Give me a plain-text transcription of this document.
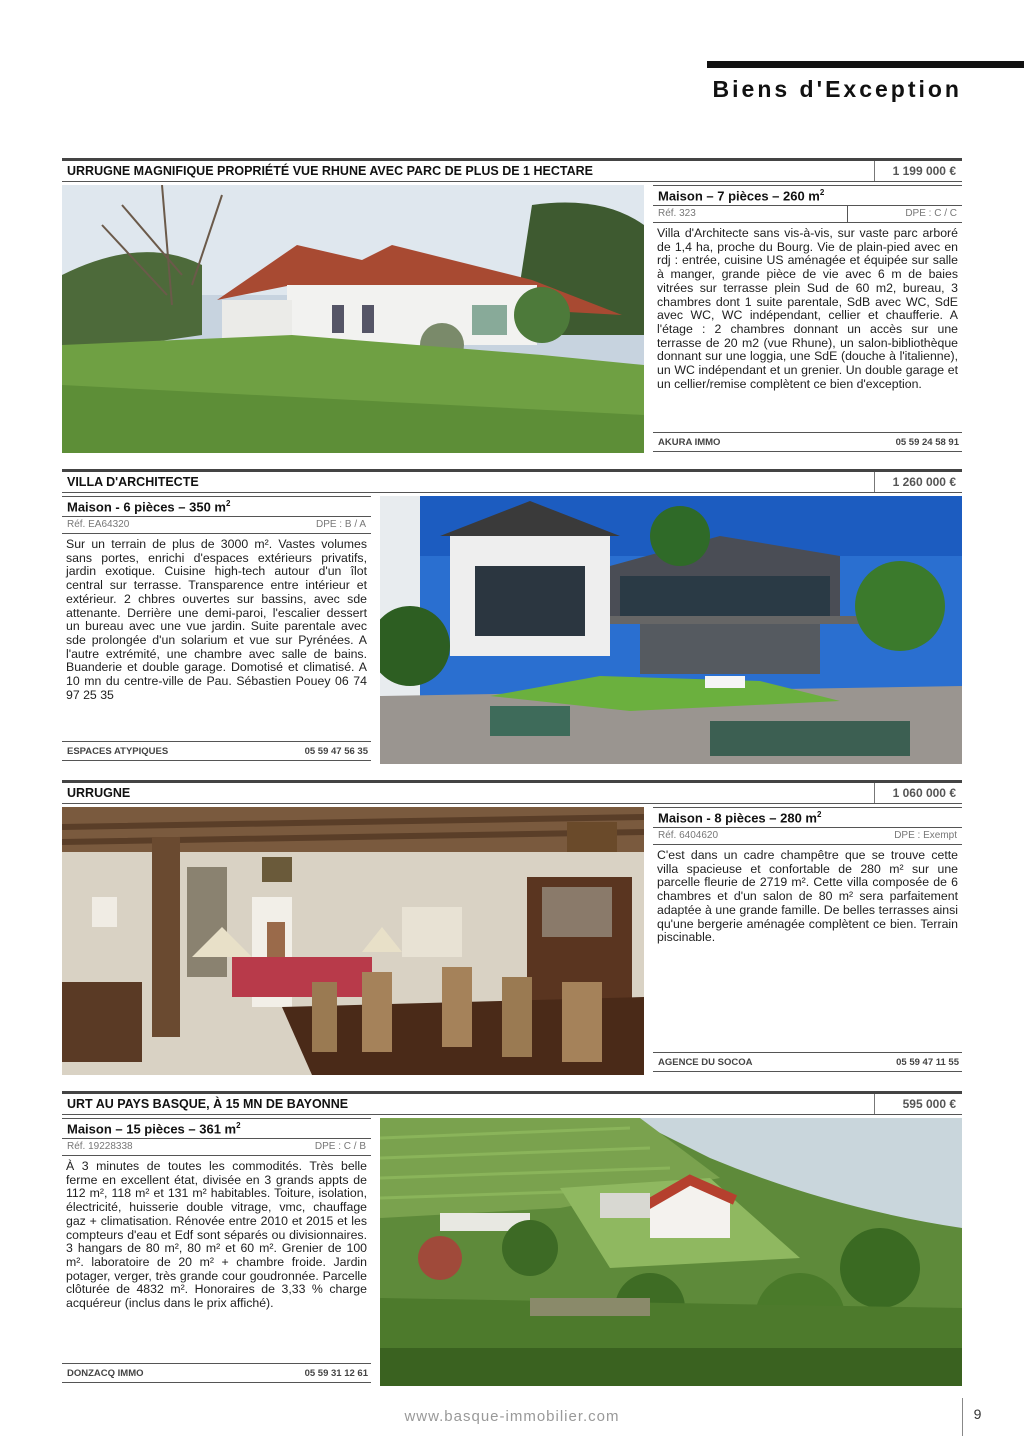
Biens d'Exception
URRUGNE MAGNIFIQUE PROPRIÉTÉ VUE RHUNE AVEC PARC DE PLUS DE 1 HECTARE	1 199 000 €
Maison – 7 pièces – 260 $m^2$
Réf. 323	DPE : C / C
Villa d'Architecte sans vis-à-vis, sur vaste parc arboré de 1,4 ha, proche du Bourg. Vie de plain-pied avec en rdj : entrée, cuisine US aménagée et équipée sur salle à manger, grande pièce de vie avec 6 m de baies vitrées sur terrasse plein Sud de 60 m2, bureau, 3 chambres dont 1 suite parentale, SdB avec WC, SdE avec WC, WC indépendant, cellier et chaufferie. A l'étage : 2 chambres donnant un accès sur une terrasse de 20 m2 (vue Rhune), un salon-bibliothèque donnant sur une loggia, une SdE (douche à l'italienne), un WC indépendant et un grenier. Un double garage et un cellier/remise complètent ce bien d'exception.
AKURA IMMO	05 59 24 58 91
VILLA D'ARCHITECTE	1 260 000 €
Maison - 6 pièces – 350 $m^2$
Réf. EA64320	DPE : B / A
Sur un terrain de plus de 3000 m². Vastes volumes sans portes, enrichi d'espaces extérieurs privatifs, jardin exotique. Cuisine high-tech autour d'un îlot central sur terrasse. Transparence entre intérieur et extérieur. 2 chbres ouvertes sur bassins, avec sde attenante. Derrière une demi-paroi, l'escalier dessert un bureau avec une vue jardin. Suite parentale avec sde prolongée d'un solarium et vue sur Pyrénées. A l'autre extrémité, une chambre avec salle de bains. Buanderie et double garage. Domotisé et climatisé. A 10 mn du centre-ville de Pau. Sébastien Pouey 06 74 97 25 35
ESPACES ATYPIQUES	05 59 47 56 35
URRUGNE	1 060 000 €
Maison - 8 pièces – 280 $m^2$
Réf. 6404620	DPE : Exempt
C'est dans un cadre champêtre que se trouve cette villa spacieuse et confortable de 280 m² sur une parcelle fleurie de 2719 m². Cette villa composée de 6 chambres et d'un salon de 80 m² sera parfaitement adaptée à une grande famille. De belles terrasses ainsi qu'une bergerie aménagée complètent ce bien. Terrain piscinable.
AGENCE DU SOCOA	05 59 47 11 55
URT AU PAYS BASQUE, À 15 MN DE BAYONNE	595 000 €
Maison – 15 pièces – 361 $m^2$
Réf. 19228338	DPE : C / B
À 3 minutes de toutes les commodités. Très belle ferme en excellent état, divisée en 3 grands appts de 112 m², 118 m² et 131 m² habitables. Toiture, isolation, électricité, huisserie double vitrage, vmc, chauffage gaz + climatisation. Rénovée entre 2010 et 2015 et les compteurs d'eau et Edf sont séparés ou divisionnaires. 3 hangars de 80 m², 80 m² et 60 m². Grenier de 100 m². laboratoire de 20 m² + chambre froide. Jardin potager, verger, très grande cour goudronnée. Parcelle clôturée de 4832 m². Honoraires de 3,33 % charge acquéreur (inclus dans le prix affiché).
DONZACQ IMMO	05 59 31 12 61
www.basque-immobilier.com	9
